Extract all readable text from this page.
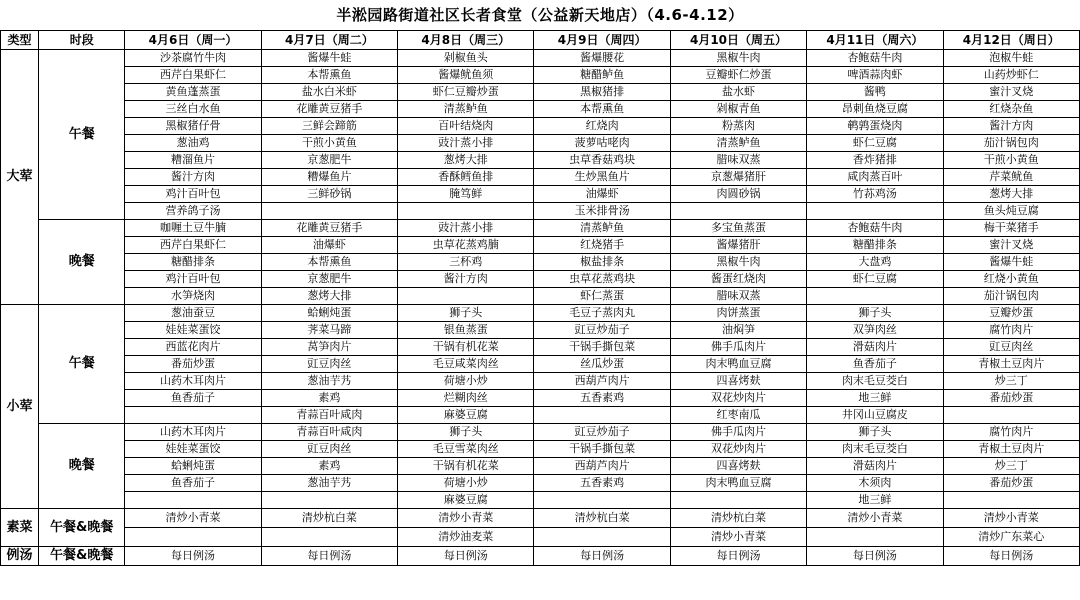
半淞园路街道社区长者食堂（公益新天地店）（4.6-4.12）
类型	时段	4月6日（周一）	4月7日（周二）	4月8日（周三）	4月9日（周四）	4月10日（周五）	4月11日（周六）	4月12日（周日）
大荤	午餐	沙茶腐竹牛肉	酱爆牛蛙	剁椒鱼头	酱爆腰花	黑椒牛肉	杏鲍菇牛肉	泡椒牛蛙
		西芹白果虾仁	本帮熏鱼	酱爆鱿鱼须	糖醋鲈鱼	豆瓣虾仁炒蛋	啤酒蒜肉虾	山药炒虾仁
		黄鱼蓬蒸蛋	盐水白米虾	虾仁豆瓣炒蛋	黑椒猪排	盐水虾	酱鸭	蜜汁叉烧
		三丝白水鱼	花雕黄豆猪手	清蒸鲈鱼	本帮熏鱼	剁椒青鱼	昂刺鱼烧豆腐	红烧杂鱼
		黑椒猪仔骨	三鲜会蹄筋	百叶结烧肉	红烧肉	粉蒸肉	鹌鹑蛋烧肉	酱汁方肉
		葱油鸡	干煎小黄鱼	豉汁蒸小排	菠萝咕咾肉	清蒸鲈鱼	虾仁豆腐	茄汁锅包肉
		糟溜鱼片	京葱肥牛	葱烤大排	虫草香菇鸡块	腊味双蒸	香炸猪排	干煎小黄鱼
		酱汁方肉	糟爆鱼片	香酥鳕鱼排	生炒黑鱼片	京葱爆猪肝	咸肉蒸百叶	芹菜鱿鱼
		鸡汁百叶包	三鲜砂锅	腌笃鲜	油爆虾	肉圆砂锅	竹荪鸡汤	葱烤大排
		营养鸽子汤			玉米排骨汤			鱼头炖豆腐
	晚餐	咖喱土豆牛腩	花雕黄豆猪手	豉汁蒸小排	清蒸鲈鱼	多宝鱼蒸蛋	杏鲍菇牛肉	梅干菜猪手
		西芹白果虾仁	油爆虾	虫草花蒸鸡腩	红烧猪手	酱爆猪肝	糖醋排条	蜜汁叉烧
		糖醋排条	本帮熏鱼	三杯鸡	椒盐排条	黑椒牛肉	大盘鸡	酱爆牛蛙
		鸡汁百叶包	京葱肥牛	酱汁方肉	虫草花蒸鸡块	酱蛋红烧肉	虾仁豆腐	红烧小黄鱼
		水笋烧肉	葱烤大排		虾仁蒸蛋	腊味双蒸		茄汁锅包肉
小荤	午餐	葱油蚕豆	蛤蜊炖蛋	狮子头	毛豆子蒸肉丸	肉饼蒸蛋	狮子头	豆瓣炒蛋
		娃娃菜蛋饺	荠菜马蹄	银鱼蒸蛋	豇豆炒茄子	油焖笋	双笋肉丝	腐竹肉片
		西蓝花肉片	莴笋肉片	干锅有机花菜	干锅手撕包菜	佛手瓜肉片	滑菇肉片	豇豆肉丝
		番茄炒蛋	豇豆肉丝	毛豆咸菜肉丝	丝瓜炒蛋	肉末鸭血豆腐	鱼香茄子	青椒土豆肉片
		山药木耳肉片	葱油芋艿	荷塘小炒	西葫芦肉片	四喜烤麸	肉末毛豆茭白	炒三丁
		鱼香茄子	素鸡	烂糊肉丝	五香素鸡	双花炒肉片	地三鲜	番茄炒蛋
			青蒜百叶咸肉	麻婆豆腐		红枣南瓜	井冈山豆腐皮	
	晚餐	山药木耳肉片	青蒜百叶咸肉	狮子头	豇豆炒茄子	佛手瓜肉片	狮子头	腐竹肉片
		娃娃菜蛋饺	豇豆肉丝	毛豆雪菜肉丝	干锅手撕包菜	双花炒肉片	肉末毛豆茭白	青椒土豆肉片
		蛤蜊炖蛋	素鸡	干锅有机花菜	西葫芦肉片	四喜烤麸	滑菇肉片	炒三丁
		鱼香茄子	葱油芋艿	荷塘小炒	五香素鸡	肉末鸭血豆腐	木须肉	番茄炒蛋
				麻婆豆腐			地三鲜	
素菜	午餐&晚餐	清炒小青菜	清炒杭白菜	清炒小青菜	清炒杭白菜	清炒杭白菜	清炒小青菜	清炒小青菜
				清炒油麦菜		清炒小青菜		清炒广东菜心
例汤	午餐&晚餐	每日例汤	每日例汤	每日例汤	每日例汤	每日例汤	每日例汤	每日例汤
